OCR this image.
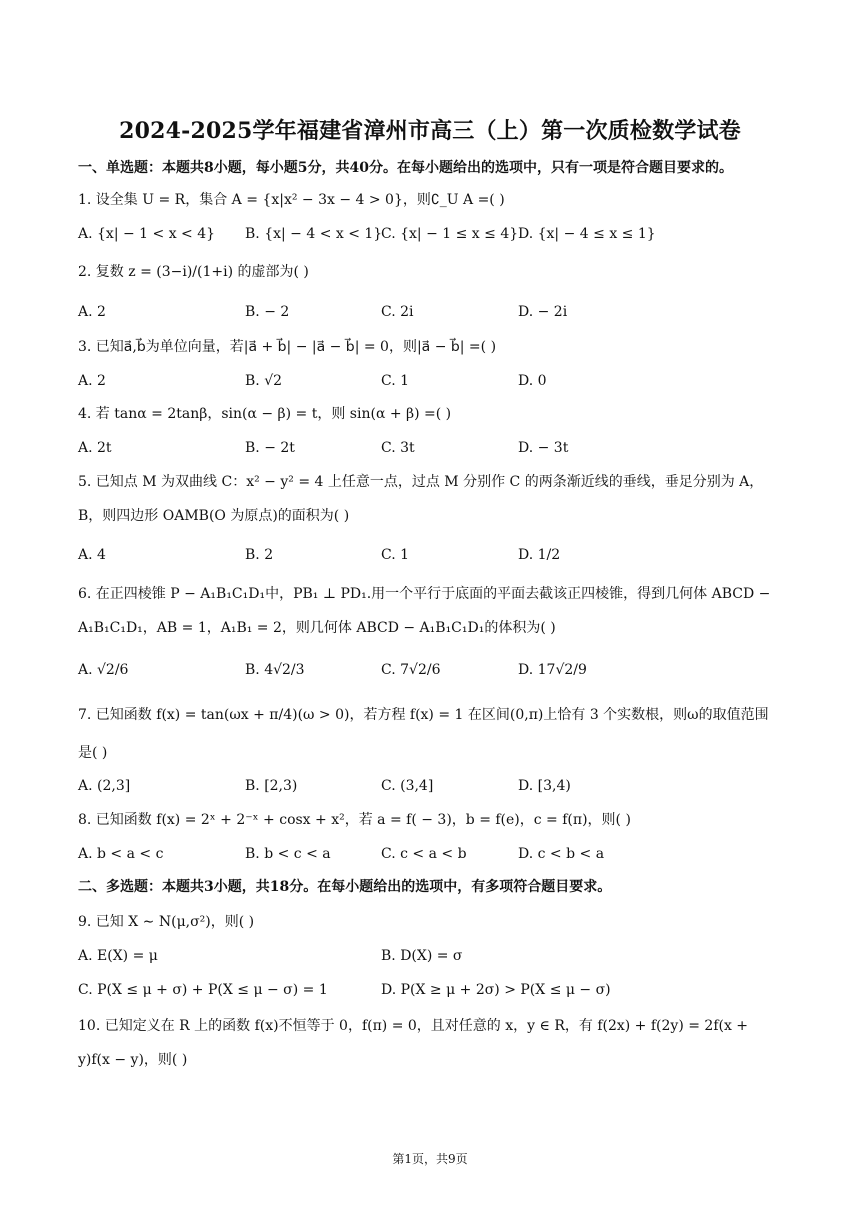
2024-2025学年福建省漳州市高三（上）第一次质检数学试卷
一、单选题：本题共8小题，每小题5分，共40分。在每小题给出的选项中，只有一项是符合题目要求的。
1. 设全集 U = R，集合 A = {x|x² − 3x − 4 > 0}，则∁_U A =( )
A. {x| − 1 < x < 4} B. {x| − 4 < x < 1}
C. {x| − 1 ≤ x ≤ 4} D. {x| − 4 ≤ x ≤ 1}
2. 复数 z = (3−i)/(1+i) 的虚部为( )
A. 2	B. − 2	C. 2i	D. − 2i
3. 已知a⃗,b⃗为单位向量，若|a⃗ + b⃗| − |a⃗ − b⃗| = 0，则|a⃗ − b⃗| =( )
A. 2	B. √2	C. 1	D. 0
4. 若 tanα = 2tanβ，sin(α − β) = t，则 sin(α + β) =( )
A. 2t	B. − 2t	C. 3t	D. − 3t
5. 已知点 M 为双曲线 C：x² − y² = 4 上任意一点，过点 M 分别作 C 的两条渐近线的垂线，垂足分别为 A，
B，则四边形 OAMB(O 为原点)的面积为( )
A. 4	B. 2	C. 1	D. 1/2
6. 在正四棱锥 P − A₁B₁C₁D₁中，PB₁ ⊥ PD₁.用一个平行于底面的平面去截该正四棱锥，得到几何体 ABCD −
A₁B₁C₁D₁，AB = 1，A₁B₁ = 2，则几何体 ABCD − A₁B₁C₁D₁的体积为( )
A. √2/6	B. 4√2/3	C. 7√2/6	D. 17√2/9
7. 已知函数 f(x) = tan(ωx + π/4)(ω > 0)，若方程 f(x) = 1 在区间(0,π)上恰有 3 个实数根，则ω的取值范围
是( )
A. (2,3]	B. [2,3)	C. (3,4]	D. [3,4)
8. 已知函数 f(x) = 2ˣ + 2⁻ˣ + cosx + x²，若 a = f( − 3)，b = f(e)，c = f(π)，则( )
A. b < a < c	B. b < c < a	C. c < a < b	D. c < b < a
二、多选题：本题共3小题，共18分。在每小题给出的选项中，有多项符合题目要求。
9. 已知 X ∼ N(μ,σ²)，则( )
A. E(X) = μ	B. D(X) = σ
C. P(X ≤ μ + σ) + P(X ≤ μ − σ) = 1	D. P(X ≥ μ + 2σ) > P(X ≤ μ − σ)
10. 已知定义在 R 上的函数 f(x)不恒等于 0，f(π) = 0，且对任意的 x，y ∈ R，有 f(2x) + f(2y) = 2f(x +
y)f(x − y)，则( )
第1页，共9页
